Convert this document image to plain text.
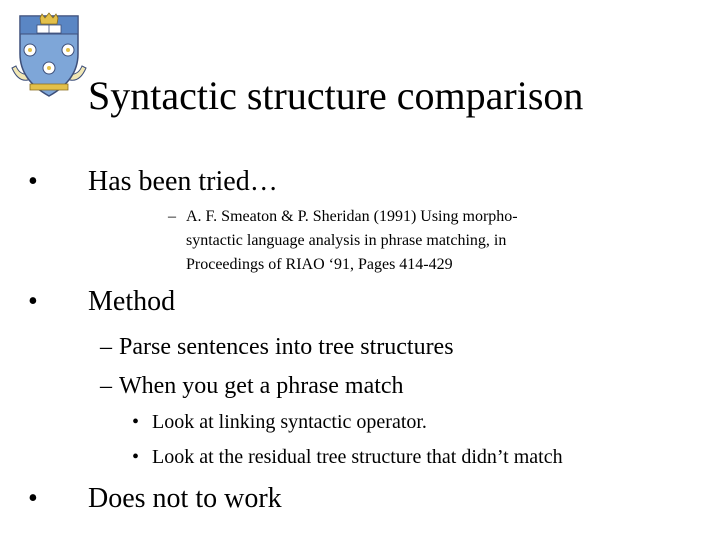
Syntactic structure comparison
• Has been tried…
– A. F. Smeaton & P. Sheridan (1991) Using morpho-
syntactic language analysis in phrase matching, in
Proceedings of RIAO ‘91, Pages 414-429
• Method
– Parse sentences into tree structures
– When you get a phrase match
• Look at linking syntactic operator.
• Look at the residual tree structure that didn’t match
• Does not to work
